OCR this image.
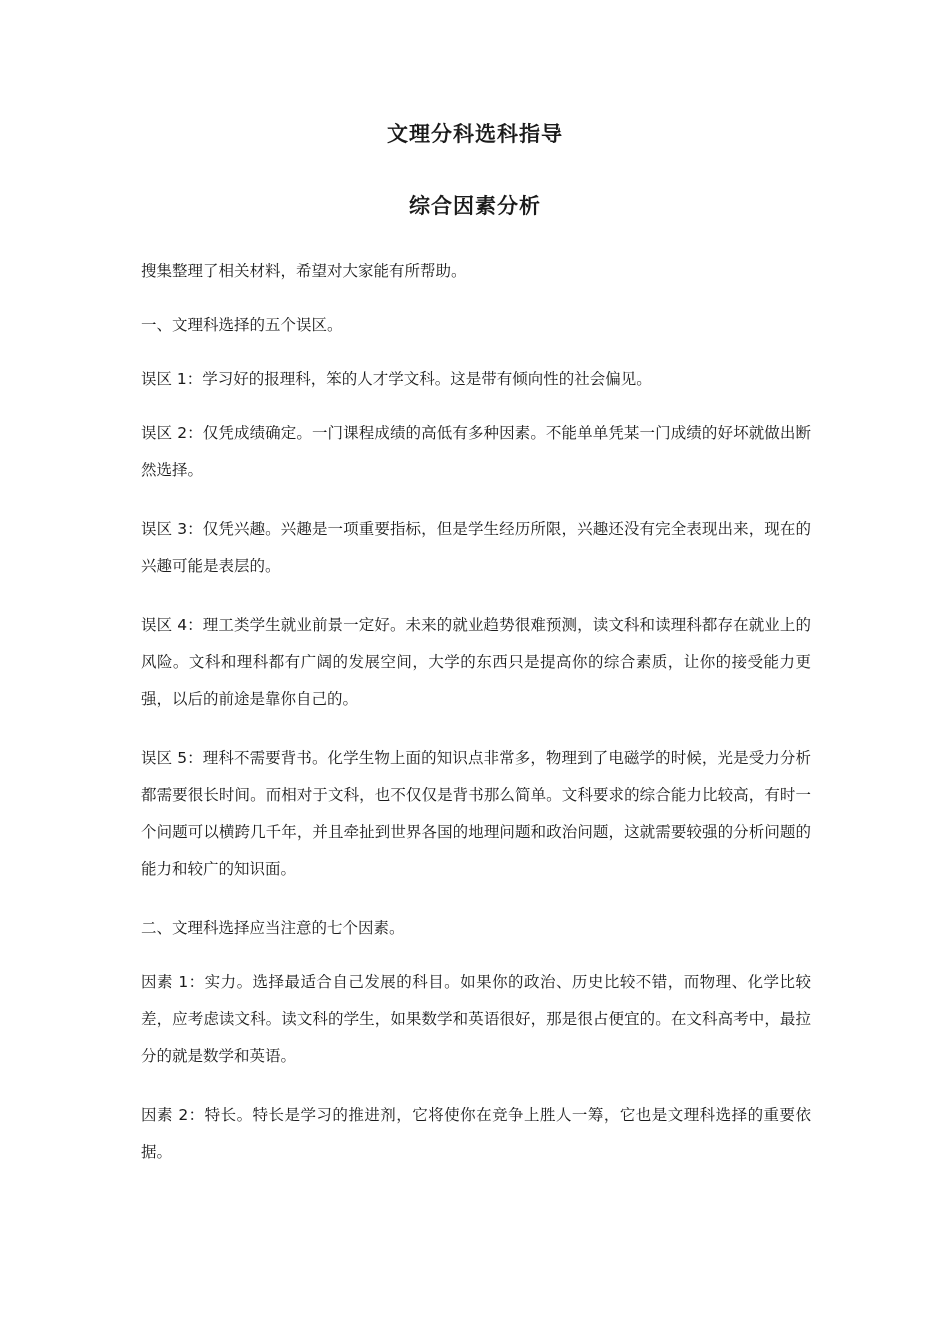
文理分科选科指导
综合因素分析

搜集整理了相关材料，希望对大家能有所帮助。

一、文理科选择的五个误区。

误区 1：学习好的报理科，笨的人才学文科。这是带有倾向性的社会偏见。

误区 2：仅凭成绩确定。一门课程成绩的高低有多种因素。不能单单凭某一门成绩的好坏就做出断然选择。

误区 3：仅凭兴趣。兴趣是一项重要指标，但是学生经历所限，兴趣还没有完全表现出来，现在的兴趣可能是表层的。

误区 4：理工类学生就业前景一定好。未来的就业趋势很难预测，读文科和读理科都存在就业上的风险。文科和理科都有广阔的发展空间，大学的东西只是提高你的综合素质，让你的接受能力更强，以后的前途是靠你自己的。

误区 5：理科不需要背书。化学生物上面的知识点非常多，物理到了电磁学的时候，光是受力分析都需要很长时间。而相对于文科，也不仅仅是背书那么简单。文科要求的综合能力比较高，有时一个问题可以横跨几千年，并且牵扯到世界各国的地理问题和政治问题，这就需要较强的分析问题的能力和较广的知识面。

二、文理科选择应当注意的七个因素。

因素 1：实力。选择最适合自己发展的科目。如果你的政治、历史比较不错，而物理、化学比较差，应考虑读文科。读文科的学生，如果数学和英语很好，那是很占便宜的。在文科高考中，最拉分的就是数学和英语。

因素 2：特长。特长是学习的推进剂，它将使你在竞争上胜人一筹，它也是文理科选择的重要依据。
